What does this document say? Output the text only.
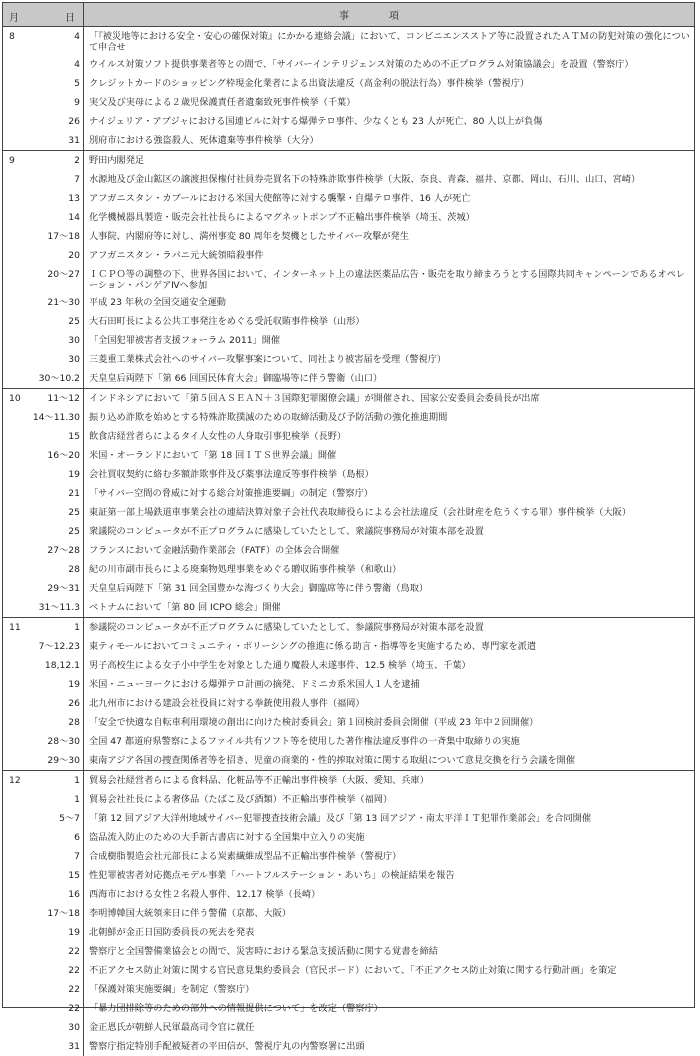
月 日	事項

8 4	「『被災地等における安全・安心の確保対策』にかかる連絡会議」において、コンビニエンスストア等に設置されたＡＴＭの防犯対策の強化について申合せ

4	ウイルス対策ソフト提供事業者等との間で、「サイバーインテリジェンス対策のための不正プログラム対策協議会」を設置（警察庁）

5	クレジットカードのショッピング枠現金化業者による出資法違反（高金利の脱法行為）事件検挙（警視庁）

9	実父及び実母による２歳児保護責任者遺棄致死事件検挙（千葉）

26	ナイジェリア・アブジャにおける国連ビルに対する爆弾テロ事件、少なくとも 23 人が死亡、80 人以上が負傷

31	別府市における強盗殺人、死体遺棄等事件検挙（大分）

9 2	野田内閣発足

7	水源地及び金山鉱区の譲渡担保権付社員券売買名下の特殊詐欺事件検挙（大阪、奈良、青森、福井、京都、岡山、石川、山口、宮崎）

13	アフガニスタン・カブールにおける米国大使館等に対する襲撃・自爆テロ事件、16 人が死亡

14	化学機械器具製造・販売会社社長らによるマグネットポンプ不正輸出事件検挙（埼玉、茨城）

17～18	人事院、内閣府等に対し、満州事変 80 周年を契機としたサイバー攻撃が発生

20	アフガニスタン・ラバニ元大統領暗殺事件

20～27	ＩＣＰＯ等の調整の下、世界各国において、インターネット上の違法医薬品広告・販売を取り締まろうとする国際共同キャンペーンであるオペレーション・パンゲアⅣへ参加

21～30	平成 23 年秋の全国交通安全運動

25	大石田町長による公共工事発注をめぐる受託収賄事件検挙（山形）

30	「全国犯罪被害者支援フォーラム 2011」開催

30	三菱重工業株式会社へのサイバー攻撃事案について、同社より被害届を受理（警視庁）

30～10.2	天皇皇后両陛下「第 66 回国民体育大会」御臨場等に伴う警衛（山口）

10 11～12	インドネシアにおいて「第５回ＡＳＥＡＮ＋３国際犯罪閣僚会議」が開催され、国家公安委員会委員長が出席

14～11.30	振り込め詐欺を始めとする特殊詐欺撲滅のための取締活動及び予防活動の強化推進期間

15	飲食店経営者らによるタイ人女性の人身取引事犯検挙（長野）

16～20	米国・オーランドにおいて「第 18 回ＩＴＳ世界会議」開催

19	会社買収契約に絡む多額詐欺事件及び薬事法違反等事件検挙（島根）

21	「サイバー空間の脅威に対する総合対策推進要綱」の制定（警察庁）

25	東証第一部上場鉄道車事業会社の連結決算対象子会社代表取締役らによる会社法違反（会社財産を危うくする罪）事件検挙（大阪）

25	衆議院のコンピュータが不正プログラムに感染していたとして、衆議院事務局が対策本部を設置

27～28	フランスにおいて金融活動作業部会（FATF）の全体会合開催

28	紀の川市副市長らによる廃棄物処理事業をめぐる贈収賄事件検挙（和歌山）

29～31	天皇皇后両陛下「第 31 回全国豊かな海づくり大会」御臨席等に伴う警衛（鳥取）

31～11.3	ベトナムにおいて「第 80 回 ICPO 総会」開催

11 1	参議院のコンピュータが不正プログラムに感染していたとして、参議院事務局が対策本部を設置

7～12.23	東ティモールにおいてコミュニティ・ポリーシングの推進に係る助言・指導等を実施するため、専門家を派遣

18,12.1	男子高校生による女子小中学生を対象とした通り魔殺人未遂事件、12.5 検挙（埼玉、千葉）

19	米国・ニューヨークにおける爆弾テロ計画の摘発、ドミニカ系米国人１人を逮捕

26	北九州市における建設会社役員に対する拳銃使用殺人事件（福岡）

28	「安全で快適な自転車利用環境の創出に向けた検討委員会」第１回検討委員会開催（平成 23 年中２回開催）

28～30	全国 47 都道府県警察によるファイル共有ソフト等を使用した著作権法違反事件の一斉集中取締りの実施

29～30	東南アジア各国の捜査関係者等を招き、児童の商業的・性的搾取対策に関する取組について意見交換を行う会議を開催

12 1	貿易会社経営者らによる食料品、化粧品等不正輸出事件検挙（大阪、愛知、兵庫）

1	貿易会社社長による奢侈品（たばこ及び酒類）不正輸出事件検挙（福岡）

5～7	「第 12 回アジア大洋州地域サイバー犯罪捜査技術会議」及び「第 13 回アジア・南太平洋ＩＴ犯罪作業部会」を合同開催

6	盗品流入防止のための大手新古書店に対する全国集中立入りの実施

7	合成樹脂製造会社元部長による炭素繊維成型品不正輸出事件検挙（警視庁）

15	性犯罪被害者対応拠点モデル事業「ハートフルステーション・あいち」の検証結果を報告

16	西海市における女性２名殺人事件、12.17 検挙（長崎）

17～18	李明博韓国大統領来日に伴う警備（京都、大阪）

19	北朝鮮が金正日国防委員長の死去を発表

22	警察庁と全国警備業協会との間で、災害時における緊急支援活動に関する覚書を締結

22	不正アクセス防止対策に関する官民意見集約委員会（官民ボード）において、「不正アクセス防止対策に関する行動計画」を策定

22	「保護対策実施要綱」を制定（警察庁）

22	「暴力団排除等のための部外への情報提供について」を改定（警察庁）

30	金正恩氏が朝鮮人民軍最高司令官に就任

31	警察庁指定特別手配被疑者の平田信が、警視庁丸の内警察署に出頭
